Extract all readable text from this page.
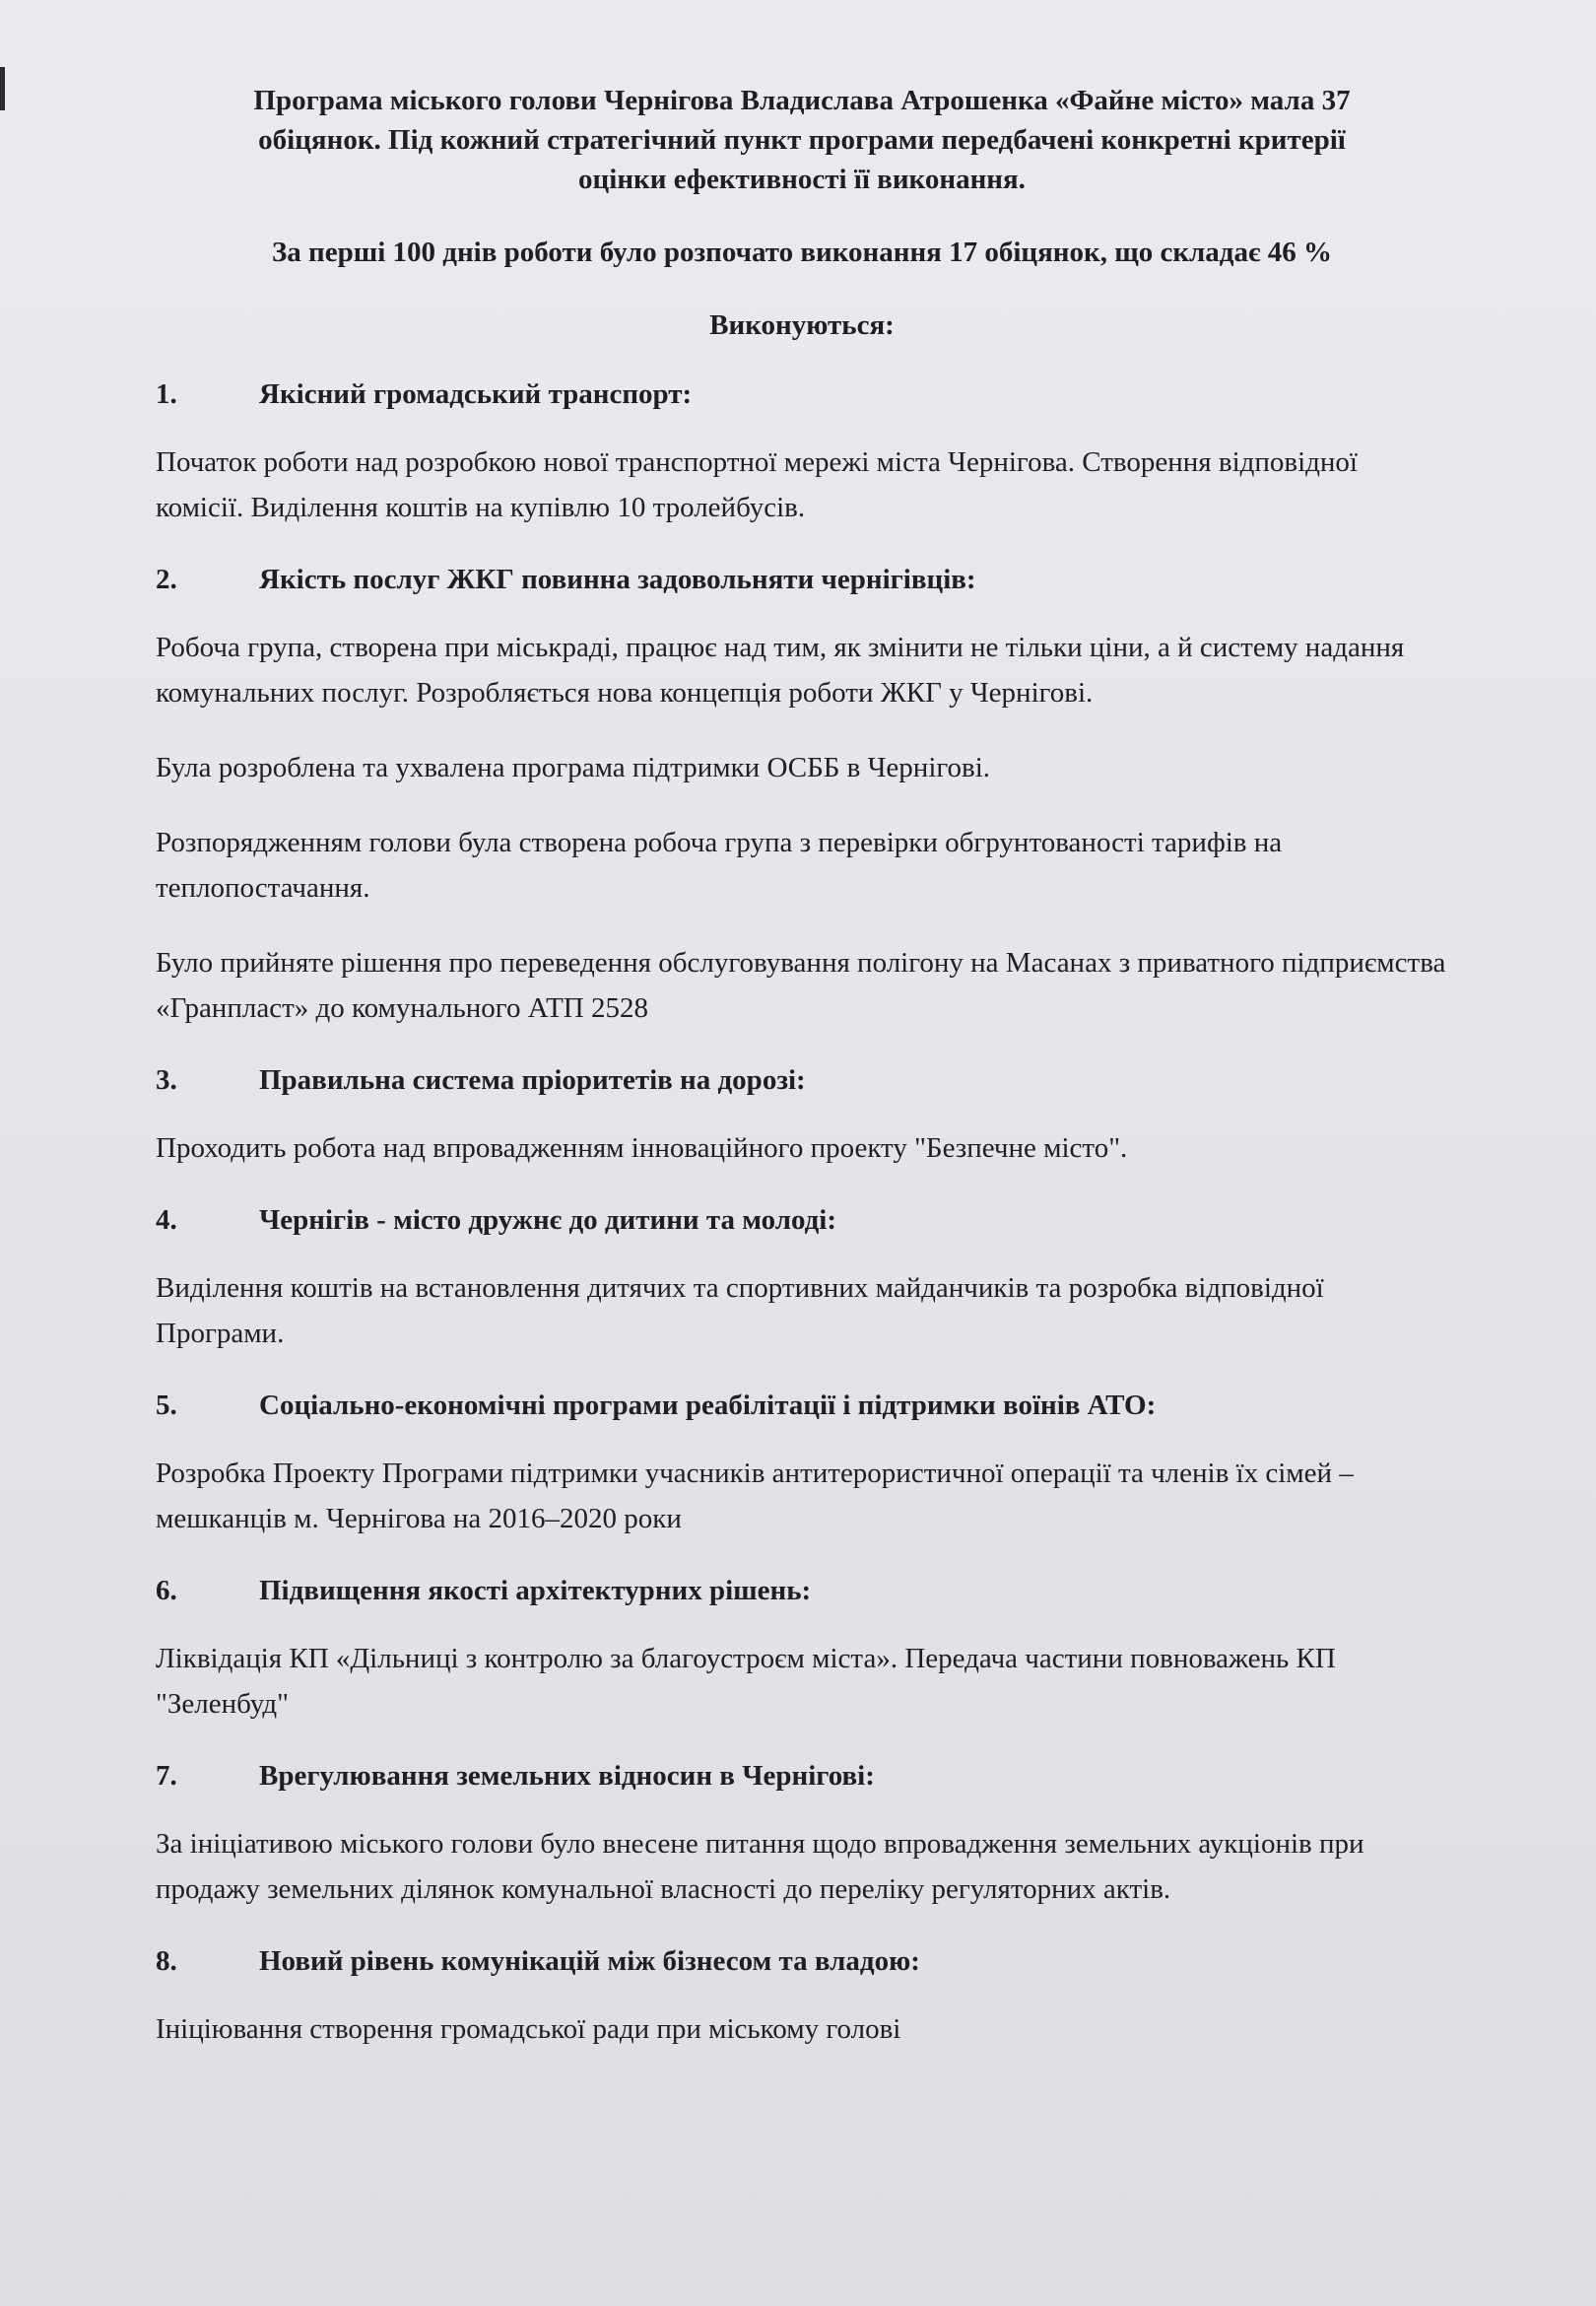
Програма міського голови Чернігова Владислава Атрошенка «Файне місто» мала 37

обіцянок. Під кожний стратегічний пункт програми передбачені конкретні критерії

оцінки ефективності її виконання.

За перші 100 днів роботи було розпочато виконання 17 обіцянок, що складає 46 %
Виконуються:
1.	Якісний громадський транспорт:

Початок роботи над розробкою нової транспортної мережі міста Чернігова. Створення відповідної комісії. Виділення коштів на купівлю 10 тролейбусів.

2.	Якість послуг ЖКГ повинна задовольняти чернігівців:

Робоча група, створена при міськраді, працює над тим, як змінити не тільки ціни, а й систему надання комунальних послуг. Розробляється нова концепція роботи ЖКГ у Чернігові.

Була розроблена та ухвалена програма підтримки ОСББ в Чернігові.

Розпорядженням голови була створена робоча група з перевірки обгрунтованості тарифів на теплопостачання.

Було прийняте рішення про переведення обслуговування полігону на Масанах з приватного підприємства «Гранпласт» до комунального АТП 2528

3.	Правильна система пріоритетів на дорозі:

Проходить робота над впровадженням інноваційного проекту "Безпечне місто".

4.	Чернігів - місто дружнє до дитини та молоді:

Виділення коштів на встановлення дитячих та спортивних майданчиків та розробка відповідної Програми.

5.	Соціально-економічні програми реабілітації і підтримки воїнів АТО:

Розробка Проекту Програми підтримки учасників антитерористичної операції та членів їх сімей – мешканців м. Чернігова на 2016–2020 роки

6.	Підвищення якості архітектурних рішень:

Ліквідація КП «Дільниці з контролю за благоустроєм міста». Передача частини повноважень КП "Зеленбуд"

7.	Врегулювання земельних відносин в Чернігові:

За ініціативою міського голови було внесене питання щодо впровадження земельних аукціонів при продажу земельних ділянок комунальної власності до переліку регуляторних актів.

8.	Новий рівень комунікацій між бізнесом та владою:

Ініціювання створення громадської ради при міському голові
